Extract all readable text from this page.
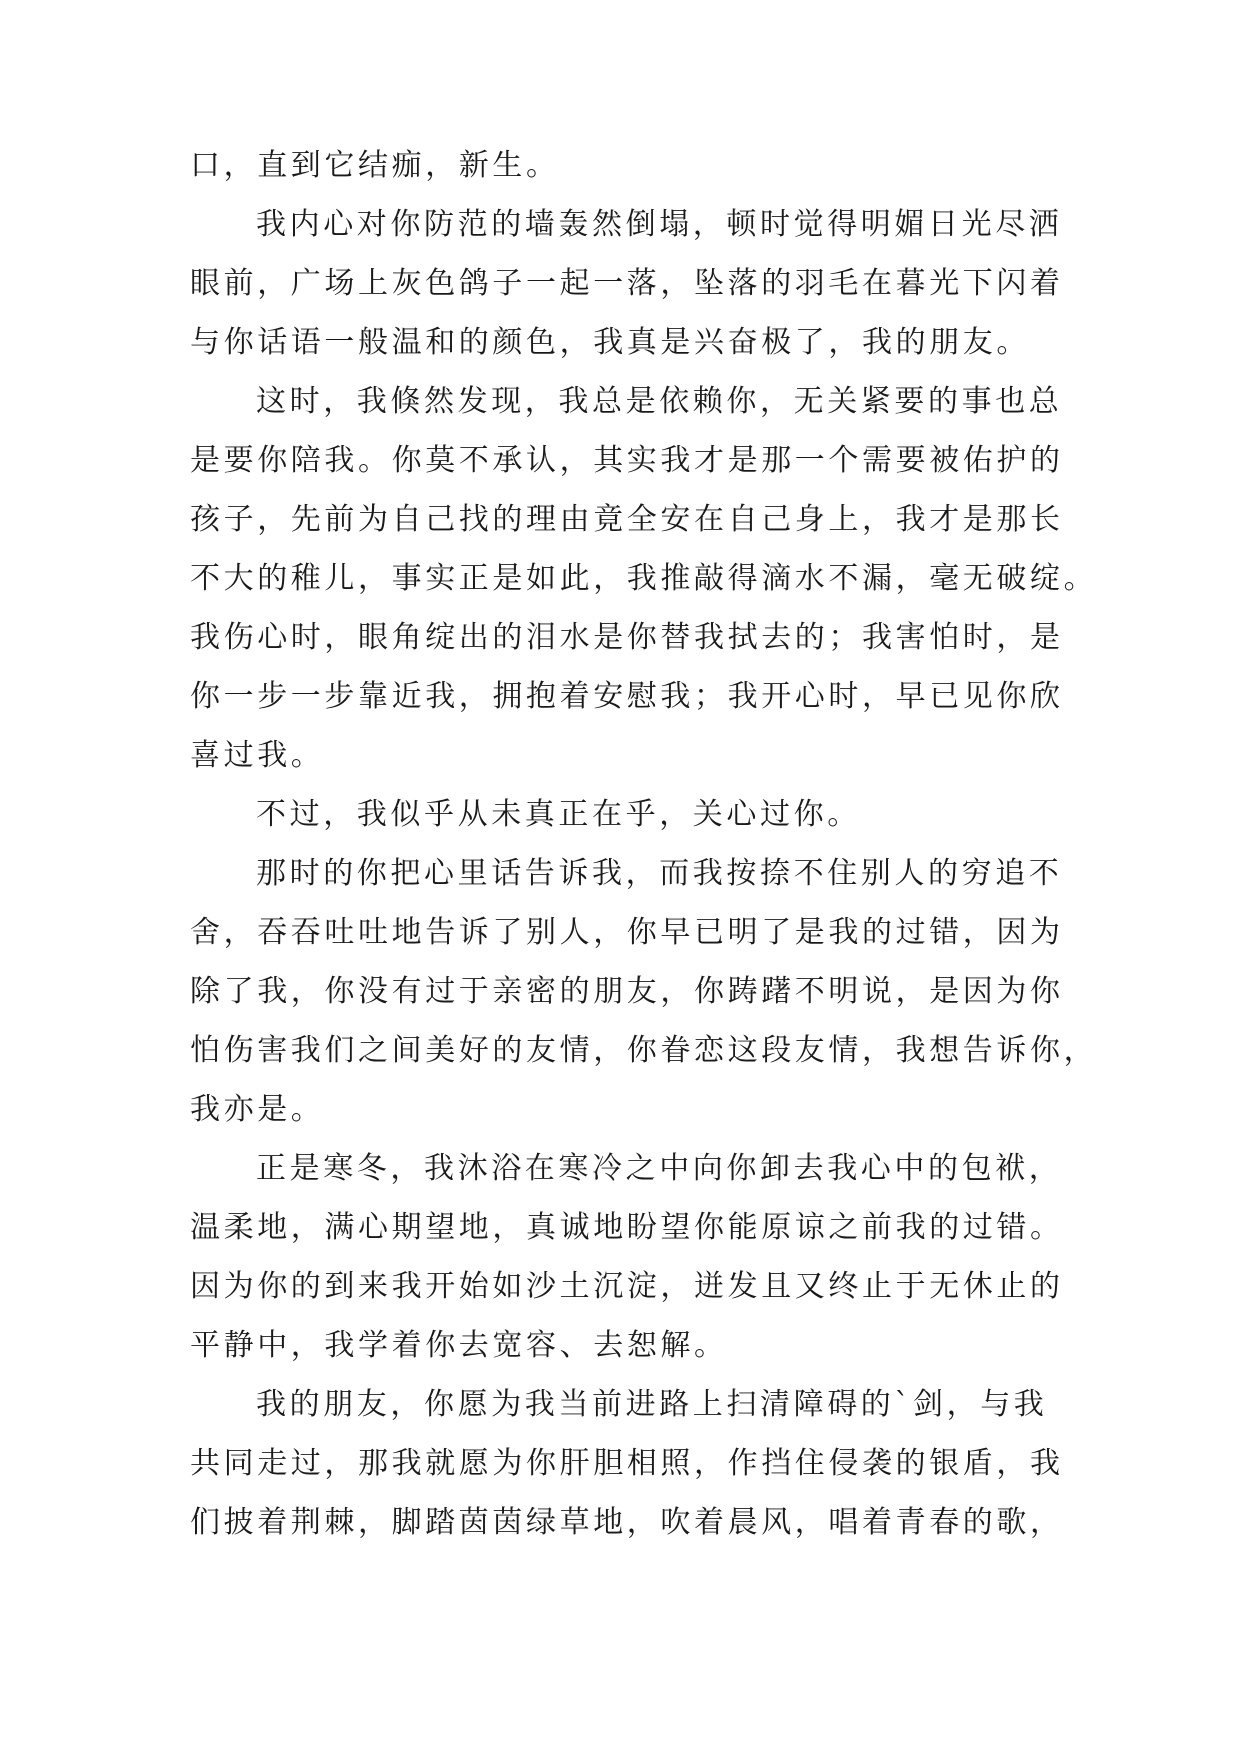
口，直到它结痂，新生。
我内心对你防范的墙轰然倒塌，顿时觉得明媚日光尽洒
眼前，广场上灰色鸽子一起一落，坠落的羽毛在暮光下闪着
与你话语一般温和的颜色，我真是兴奋极了，我的朋友。
这时，我倏然发现，我总是依赖你，无关紧要的事也总
是要你陪我。你莫不承认，其实我才是那一个需要被佑护的
孩子，先前为自己找的理由竟全安在自己身上，我才是那长
不大的稚儿，事实正是如此，我推敲得滴水不漏，毫无破绽。
我伤心时，眼角绽出的泪水是你替我拭去的；我害怕时，是
你一步一步靠近我，拥抱着安慰我；我开心时，早已见你欣
喜过我。
不过，我似乎从未真正在乎，关心过你。
那时的你把心里话告诉我，而我按捺不住别人的穷追不
舍，吞吞吐吐地告诉了别人，你早已明了是我的过错，因为
除了我，你没有过于亲密的朋友，你踌躇不明说，是因为你
怕伤害我们之间美好的友情，你眷恋这段友情，我想告诉你，
我亦是。
正是寒冬，我沐浴在寒冷之中向你卸去我心中的包袱，
温柔地，满心期望地，真诚地盼望你能原谅之前我的过错。
因为你的到来我开始如沙土沉淀，迸发且又终止于无休止的
平静中，我学着你去宽容、去恕解。
我的朋友，你愿为我当前进路上扫清障碍的`剑，与我
共同走过，那我就愿为你肝胆相照，作挡住侵袭的银盾，我
们披着荆棘，脚踏茵茵绿草地，吹着晨风，唱着青春的歌，
